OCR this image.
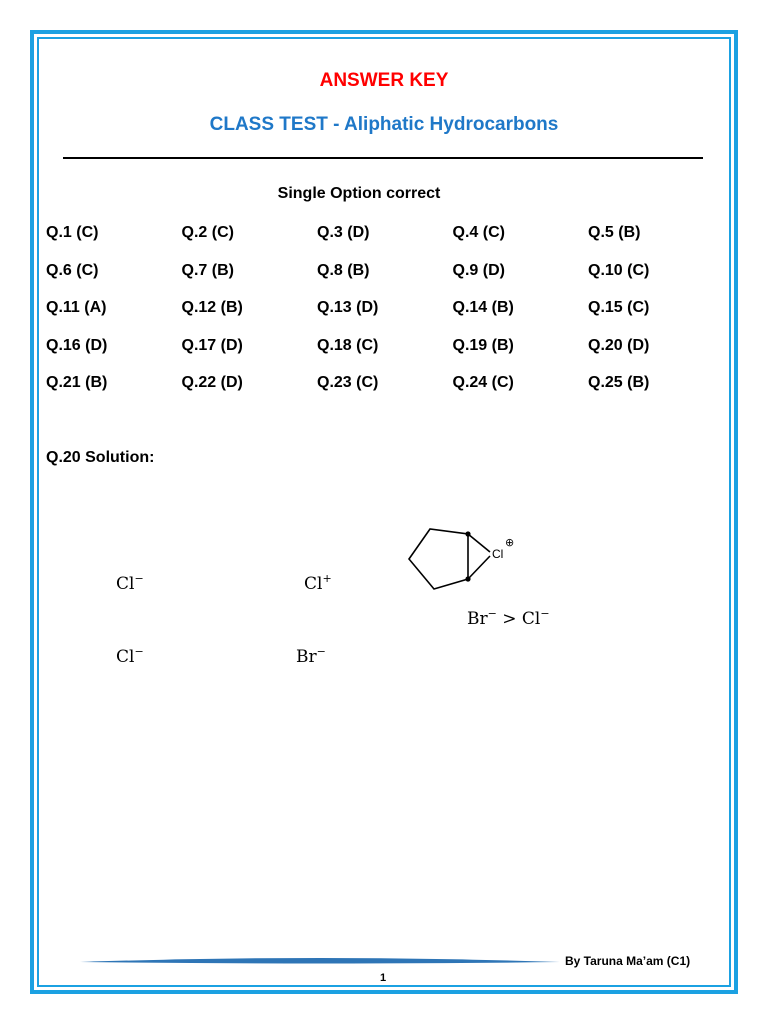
ANSWER KEY
CLASS TEST - Aliphatic Hydrocarbons
Single Option correct
Q.1 (C)	Q.2 (C)	Q.3 (D)	Q.4 (C)	Q.5 (B)
Q.6 (C)	Q.7 (B)	Q.8 (B)	Q.9 (D)	Q.10 (C)
Q.11 (A)	Q.12 (B)	Q.13 (D)	Q.14 (B)	Q.15 (C)
Q.16 (D)	Q.17 (D)	Q.18 (C)	Q.19 (B)	Q.20 (D)
Q.21 (B)	Q.22 (D)	Q.23 (C)	Q.24 (C)	Q.25 (B)
Q.20 Solution:
Cl−	Cl+
Cl−	Br−
Br− > Cl−
Cl
⊕
By Taruna Ma’am (C1)
1
